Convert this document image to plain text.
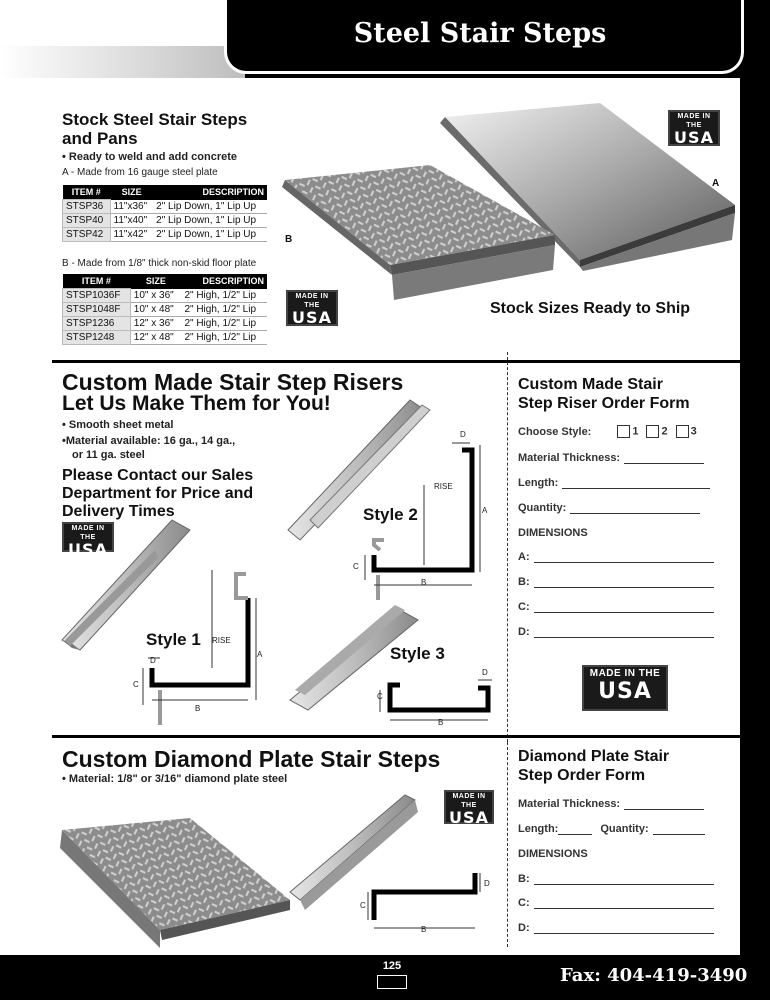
Steel Stair Steps
Stock Steel Stair Steps
and Pans
• Ready to weld and add concrete
A - Made from 16 gauge steel plate
ITEM #	SIZE	DESCRIPTION
STSP36	11"x36"	2" Lip Down, 1" Lip Up
STSP40	11"x40"	2" Lip Down, 1" Lip Up
STSP42	11"x42"	2" Lip Down, 1" Lip Up
B - Made from 1/8" thick non-skid floor plate
ITEM #	SIZE	DESCRIPTION
STSP1036F	10" x 36"	2" High, 1/2" Lip
STSP1048F	10" x 48"	2" High, 1/2" Lip
STSP1236	12" x 36"	2" High, 1/2" Lip
STSP1248	12" x 48"	2" High, 1/2" Lip
A
B
Stock Sizes Ready to Ship
MADE IN THE
USA
MADE IN THE
USA
Custom Made Stair Step Risers
Let Us Make Them for You!
• Smooth sheet metal
•Material available: 16 ga., 14 ga.,
or 11 ga. steel
Please Contact our Sales
Department for Price and
Delivery Times
MADE IN THE
USA
Style 1
Style 2
Style 3
RISE
A
B
C
D
RISE
A
B
C
D
B
C
D
Custom Made Stair
Step Riser Order Form
Choose Style:	1	2	3
Material Thickness:
Length:
Quantity:
DIMENSIONS
A:
B:
C:
D:
MADE IN THE
USA
Custom Diamond Plate Stair Steps
• Material: 1/8" or 3/16" diamond plate steel
MADE IN THE
USA
B
C
D
Diamond Plate Stair
Step Order Form
Material Thickness:
Length:	Quantity:
DIMENSIONS
B:
C:
D:
125	Fax: 404-419-3490
